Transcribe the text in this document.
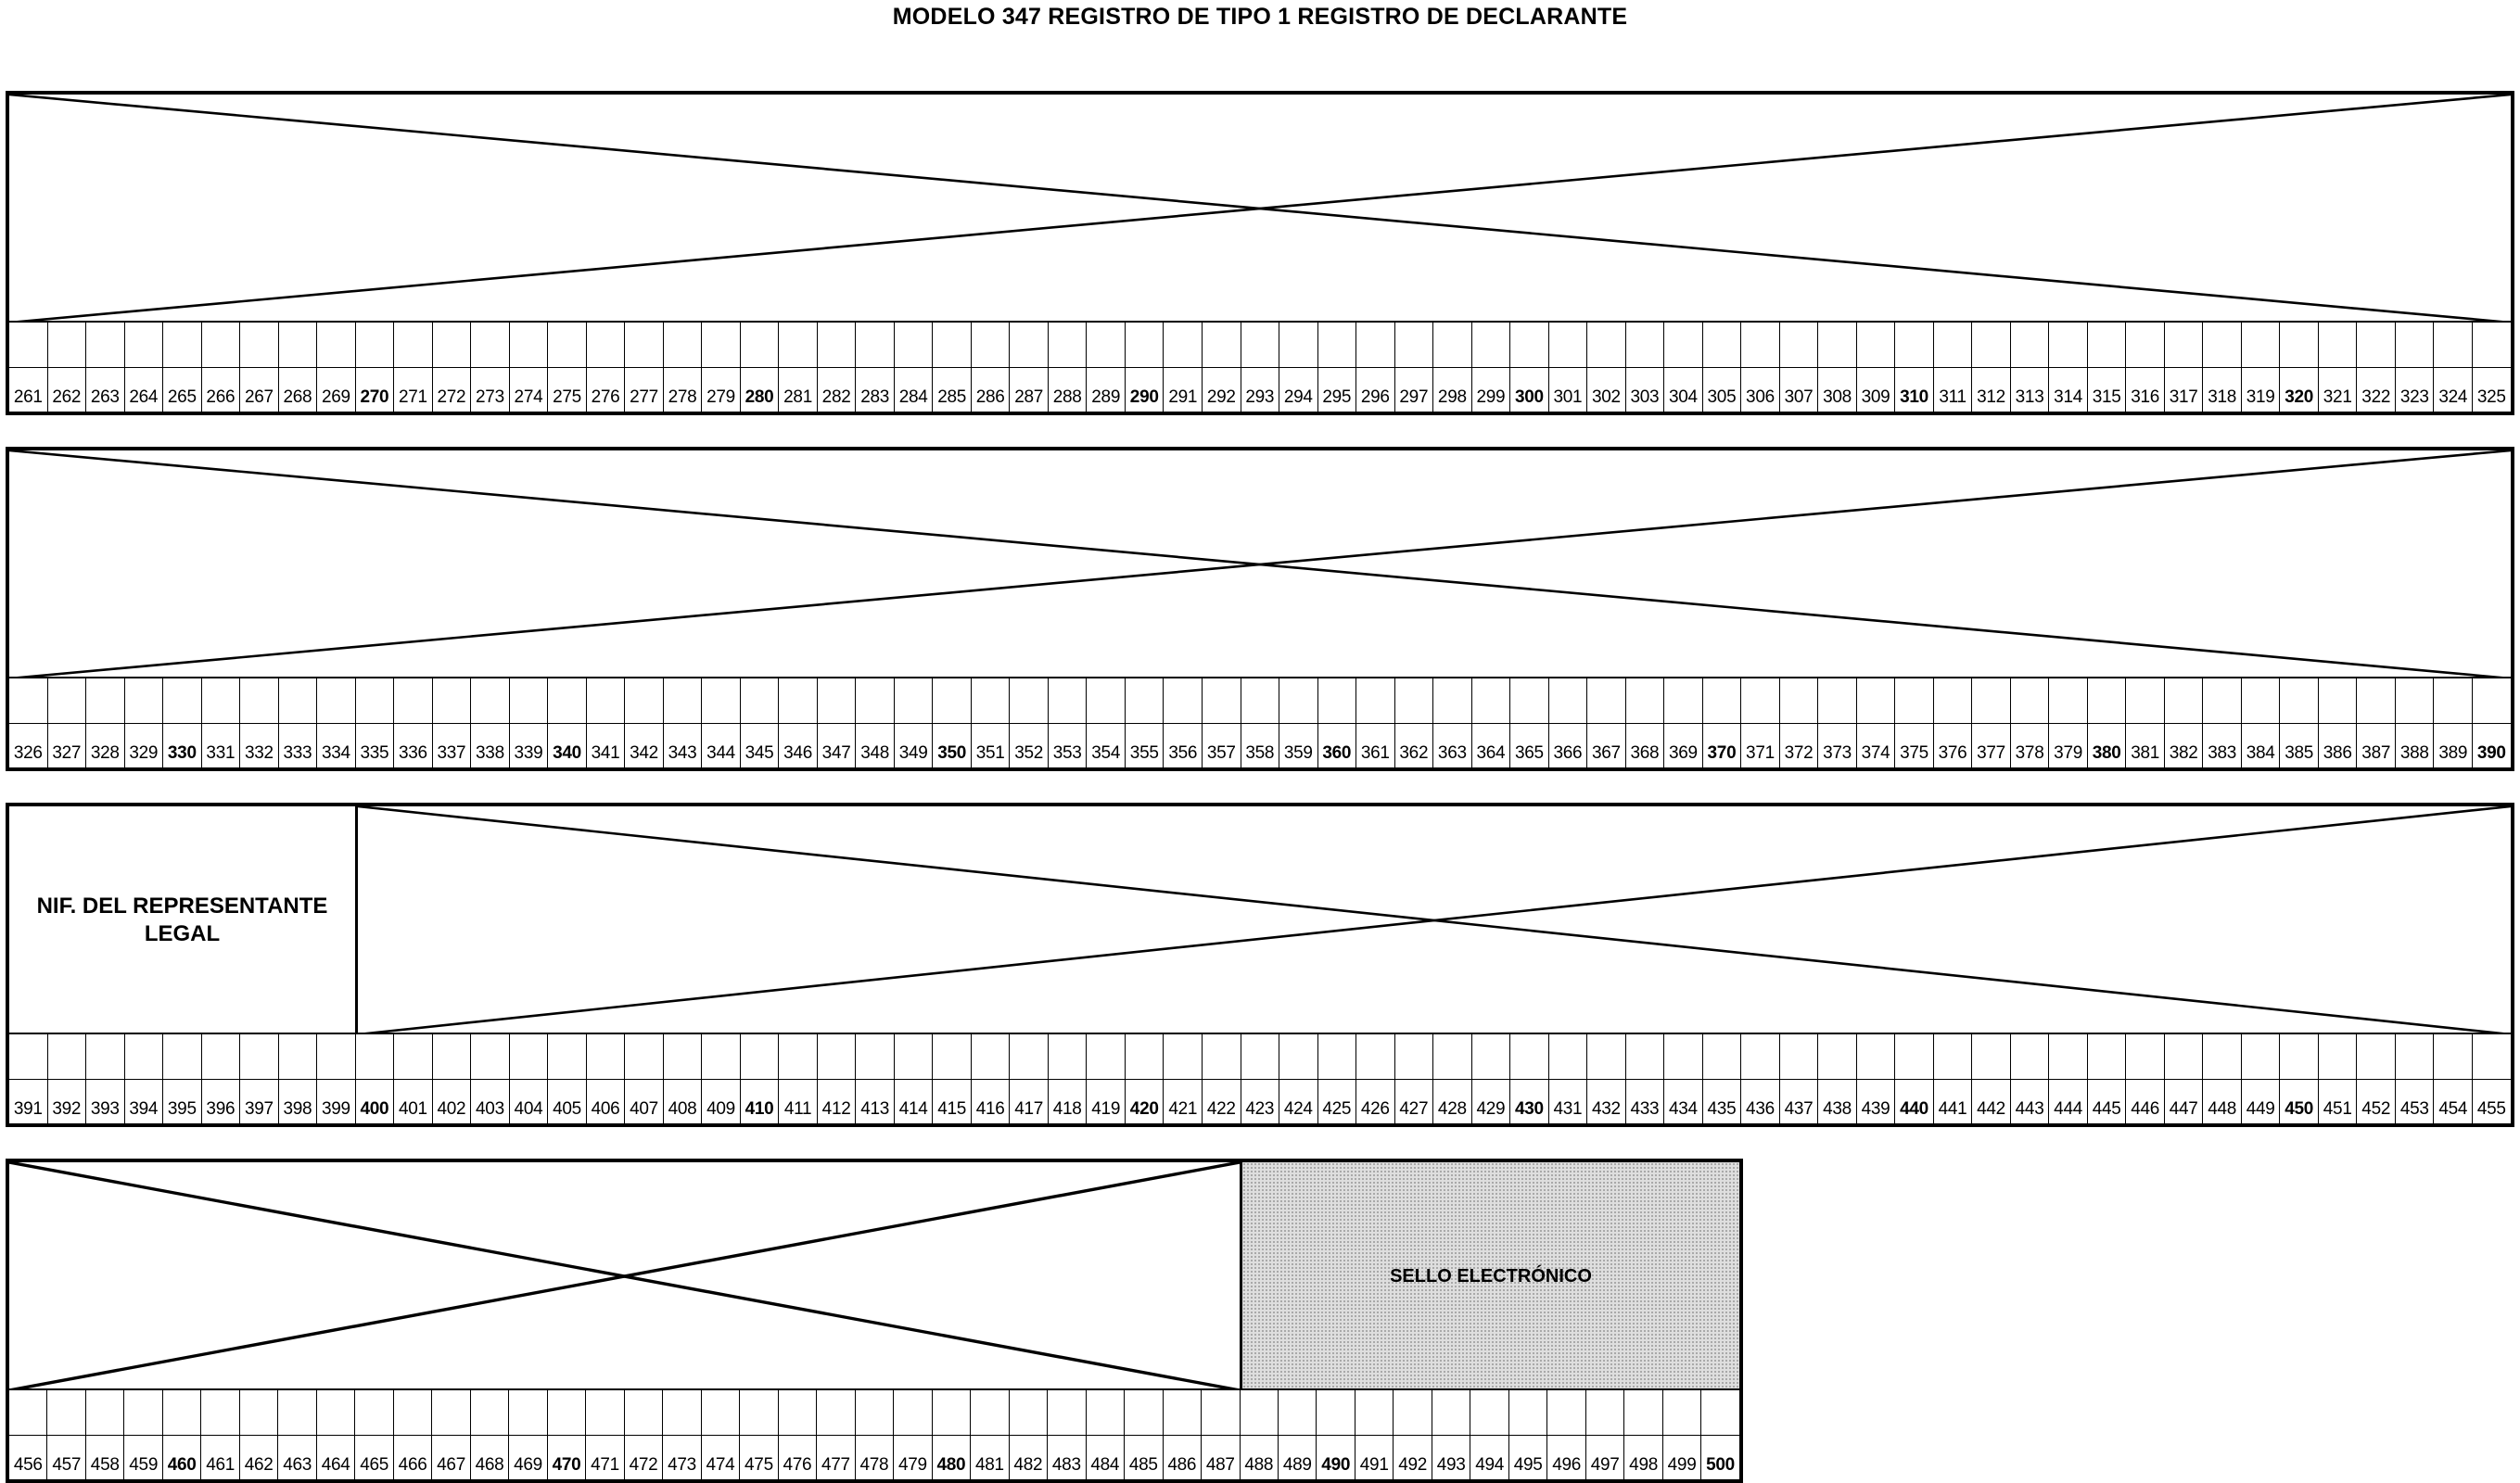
MODELO 347 REGISTRO DE TIPO 1 REGISTRO DE DECLARANTE
261 262 263 264 265 266 267 268 269 270 271 272 273 274 275 276 277 278 279 280 281 282 283 284 285 286 287 288 289 290 291 292 293 294 295 296 297 298 299 300 301 302 303 304 305 306 307 308 309 310 311 312 313 314 315 316 317 318 319 320 321 322 323 324 325
326 327 328 329 330 331 332 333 334 335 336 337 338 339 340 341 342 343 344 345 346 347 348 349 350 351 352 353 354 355 356 357 358 359 360 361 362 363 364 365 366 367 368 369 370 371 372 373 374 375 376 377 378 379 380 381 382 383 384 385 386 387 388 389 390
NIF. DEL REPRESENTANTE
LEGAL
391 392 393 394 395 396 397 398 399 400 401 402 403 404 405 406 407 408 409 410 411 412 413 414 415 416 417 418 419 420 421 422 423 424 425 426 427 428 429 430 431 432 433 434 435 436 437 438 439 440 441 442 443 444 445 446 447 448 449 450 451 452 453 454 455
SELLO ELECTRÓNICO
456 457 458 459 460 461 462 463 464 465 466 467 468 469 470 471 472 473 474 475 476 477 478 479 480 481 482 483 484 485 486 487 488 489 490 491 492 493 494 495 496 497 498 499 500
